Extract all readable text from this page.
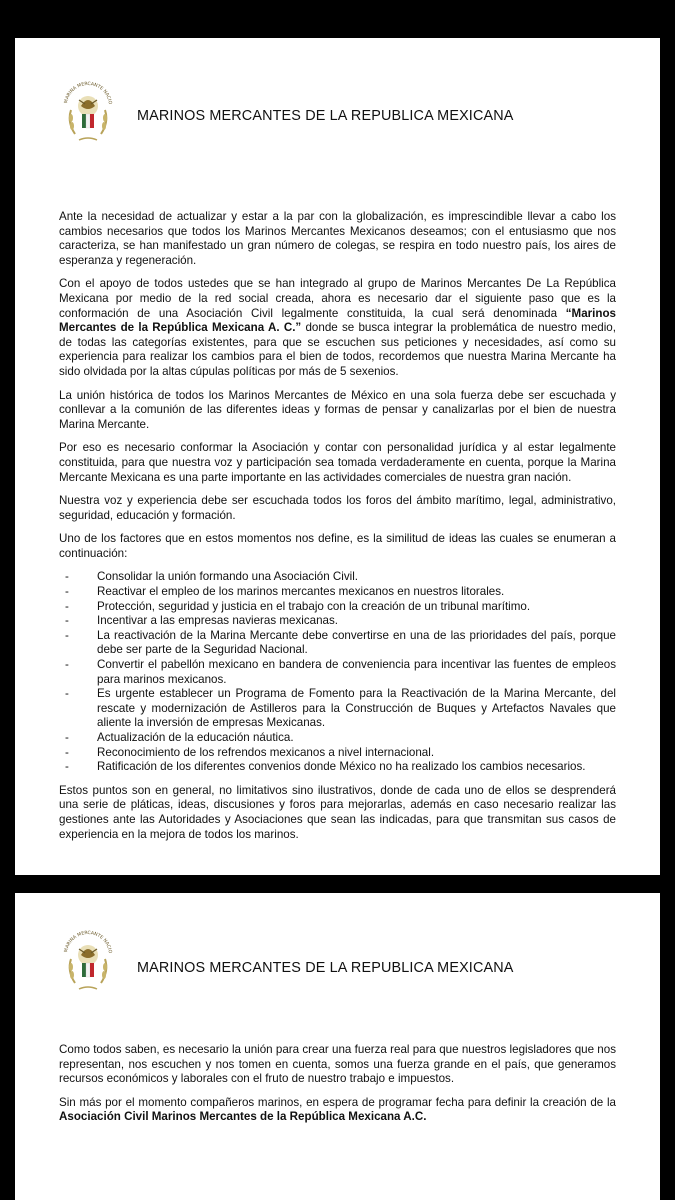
MARINA MERCANTE NACIO
MARINOS MERCANTES DE LA REPUBLICA MEXICANA

Ante la necesidad de actualizar y estar a la par con la globalización, es imprescindible llevar a cabo los cambios necesarios que todos los Marinos Mercantes Mexicanos deseamos; con el entusiasmo que nos caracteriza, se han manifestado un gran número de colegas, se respira en todo nuestro país, los aires de esperanza y regeneración.

Con el apoyo de todos ustedes que se han integrado al grupo de Marinos Mercantes De La República Mexicana por medio de la red social creada, ahora es necesario dar el siguiente paso que es la conformación de una Asociación Civil legalmente constituida, la cual será denominada “Marinos Mercantes de la República Mexicana A. C.” donde se busca integrar la problemática de nuestro medio, de todas las categorías existentes, para que se escuchen sus peticiones y necesidades, así como su experiencia para realizar los cambios para el bien de todos, recordemos que nuestra Marina Mercante ha sido olvidada por la altas cúpulas políticas por más de 5 sexenios.

La unión histórica de todos los Marinos Mercantes de México en una sola fuerza debe ser escuchada y conllevar a la comunión de las diferentes ideas y formas de pensar y canalizarlas por el bien de nuestra Marina Mercante.

Por eso es necesario conformar la Asociación y contar con personalidad jurídica y al estar legalmente constituida, para que nuestra voz y participación sea tomada verdaderamente en cuenta, porque la Marina Mercante Mexicana es una parte importante en las actividades comerciales de nuestra gran nación.

Nuestra voz y experiencia debe ser escuchada todos los foros del ámbito marítimo, legal, administrativo, seguridad, educación y formación.

Uno de los factores que en estos momentos nos define, es la similitud de ideas las cuales se enumeran a continuación:

- Consolidar la unión formando una Asociación Civil.
- Reactivar el empleo de los marinos mercantes mexicanos en nuestros litorales.
- Protección, seguridad y justicia en el trabajo con la creación de un tribunal marítimo.
- Incentivar a las empresas navieras mexicanas.
- La reactivación de la Marina Mercante debe convertirse en una de las prioridades del país, porque debe ser parte de la Seguridad Nacional.
- Convertir el pabellón mexicano en bandera de conveniencia para incentivar las fuentes de empleos para marinos mexicanos.
- Es urgente establecer un Programa de Fomento para la Reactivación de la Marina Mercante, del rescate y modernización de Astilleros para la Construcción de Buques y Artefactos Navales que aliente la inversión de empresas Mexicanas.
- Actualización de la educación náutica.
- Reconocimiento de los refrendos mexicanos a nivel internacional.
- Ratificación de los diferentes convenios donde México no ha realizado los cambios necesarios.

Estos puntos son en general, no limitativos sino ilustrativos, donde de cada uno de ellos se desprenderá una serie de pláticas, ideas, discusiones y foros para mejorarlas, además en caso necesario realizar las gestiones ante las Autoridades y Asociaciones que sean las indicadas, para que transmitan sus casos de experiencia en la mejora de todos los marinos.

MARINA MERCANTE NACIO
MARINOS MERCANTES DE LA REPUBLICA MEXICANA

Como todos saben, es necesario la unión para crear una fuerza real para que nuestros legisladores que nos representan, nos escuchen y nos tomen en cuenta, somos una fuerza grande en el país, que generamos recursos económicos y laborales con el fruto de nuestro trabajo e impuestos.

Sin más por el momento compañeros marinos, en espera de programar fecha para definir la creación de la Asociación Civil Marinos Mercantes de la República Mexicana A.C.
